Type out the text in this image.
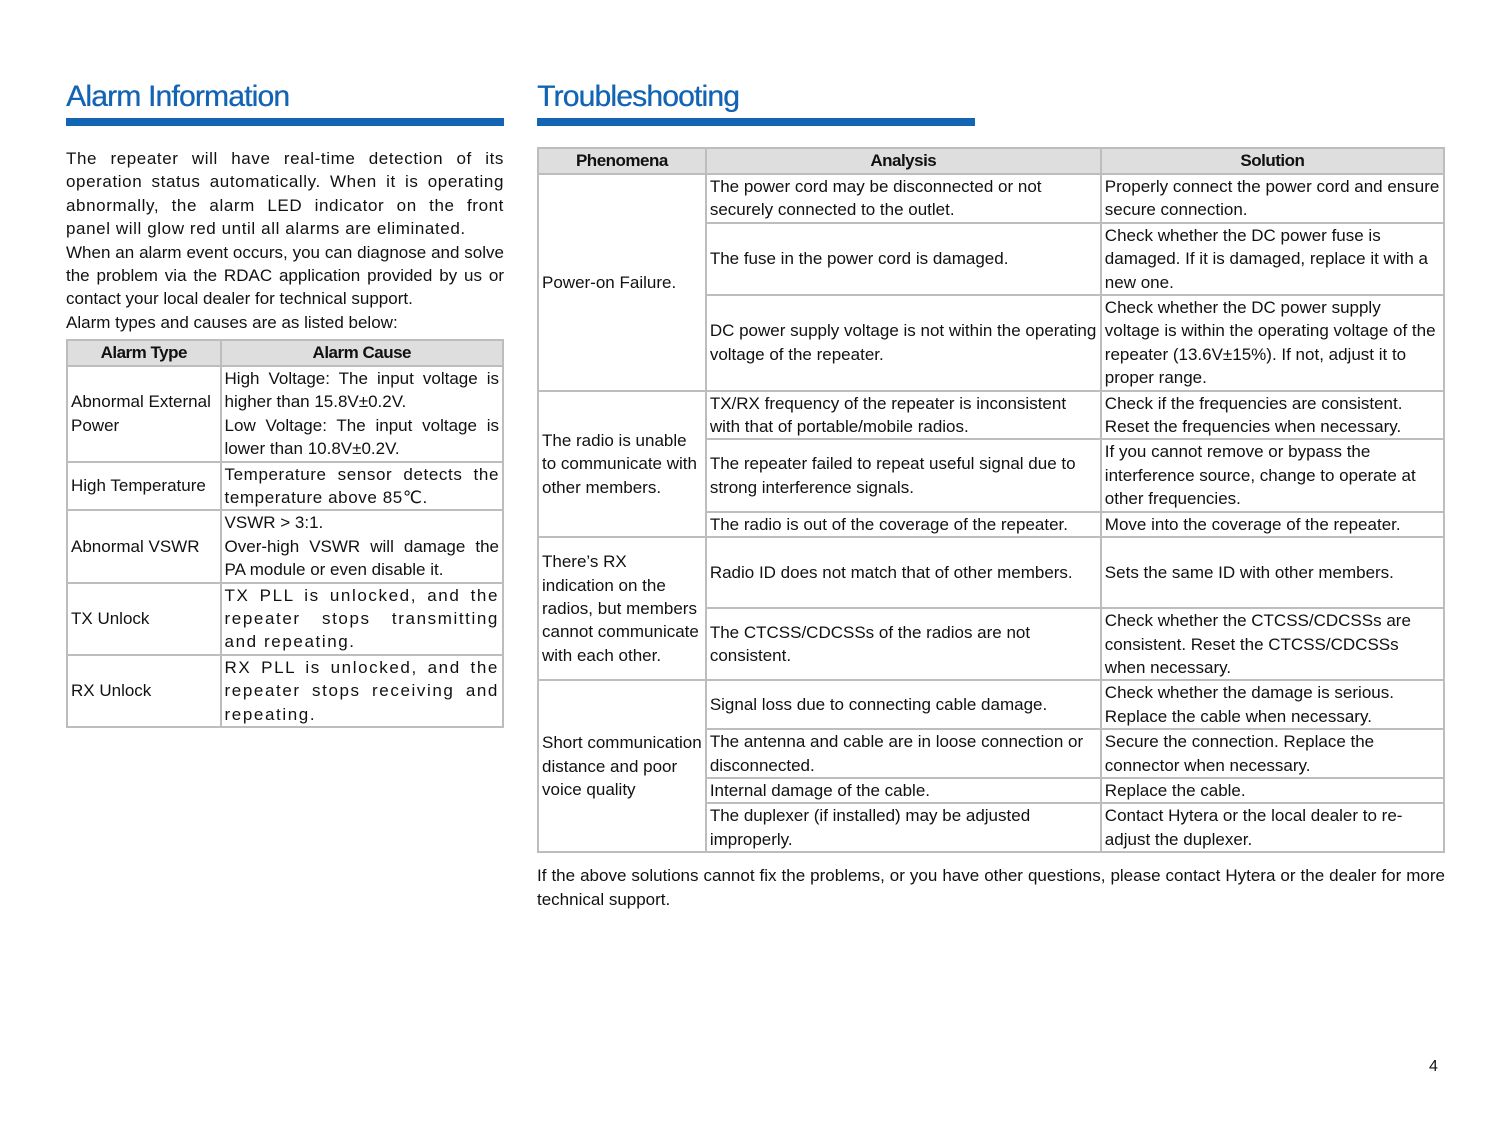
Alarm Information

The repeater will have real-time detection of its operation status automatically. When it is operating abnormally, the alarm LED indicator on the front panel will glow red until all alarms are eliminated.

When an alarm event occurs, you can diagnose and solve the problem via the RDAC application provided by us or contact your local dealer for technical support.

Alarm types and causes are as listed below:

Alarm Type	Alarm Cause
Abnormal External Power	High Voltage: The input voltage is higher than 15.8V±0.2V.

Low Voltage: The input voltage is lower than 10.8V±0.2V.

High Temperature	Temperature sensor detects the temperature above 85℃.

Abnormal VSWR	VSWR > 3:1.

Over-high VSWR will damage the PA module or even disable it.

TX Unlock	TX PLL is unlocked, and the repeater stops transmitting and repeating.

RX Unlock	RX PLL is unlocked, and the repeater stops receiving and repeating.

Troubleshooting
Phenomena	Analysis	Solution
Power-on Failure.	The power cord may be disconnected or not securely connected to the outlet.	Properly connect the power cord and ensure secure connection.
	The fuse in the power cord is damaged.	Check whether the DC power fuse is damaged. If it is damaged, replace it with a new one.
	DC power supply voltage is not within the operating voltage of the repeater.	Check whether the DC power supply voltage is within the operating voltage of the repeater (13.6V±15%). If not, adjust it to proper range.
The radio is unable to communicate with other members.	TX/RX frequency of the repeater is inconsistent with that of portable/mobile radios.	Check if the frequencies are consistent. Reset the frequencies when necessary.
	The repeater failed to repeat useful signal due to strong interference signals.	If you cannot remove or bypass the interference source, change to operate at other frequencies.
	The radio is out of the coverage of the repeater.	Move into the coverage of the repeater.
There’s RX indication on the radios, but members cannot communicate with each other.	Radio ID does not match that of other members.	Sets the same ID with other members.
	The CTCSS/CDCSSs of the radios are not consistent.	Check whether the CTCSS/CDCSSs are consistent. Reset the CTCSS/CDCSSs when necessary.
Short communication distance and poor voice quality	Signal loss due to connecting cable damage.	Check whether the damage is serious. Replace the cable when necessary.
	The antenna and cable are in loose connection or disconnected.	Secure the connection. Replace the connector when necessary.
	Internal damage of the cable.	Replace the cable.
	The duplexer (if installed) may be adjusted improperly.	Contact Hytera or the local dealer to re-adjust the duplexer.

If the above solutions cannot fix the problems, or you have other questions, please contact Hytera or the dealer for more technical support.

4
